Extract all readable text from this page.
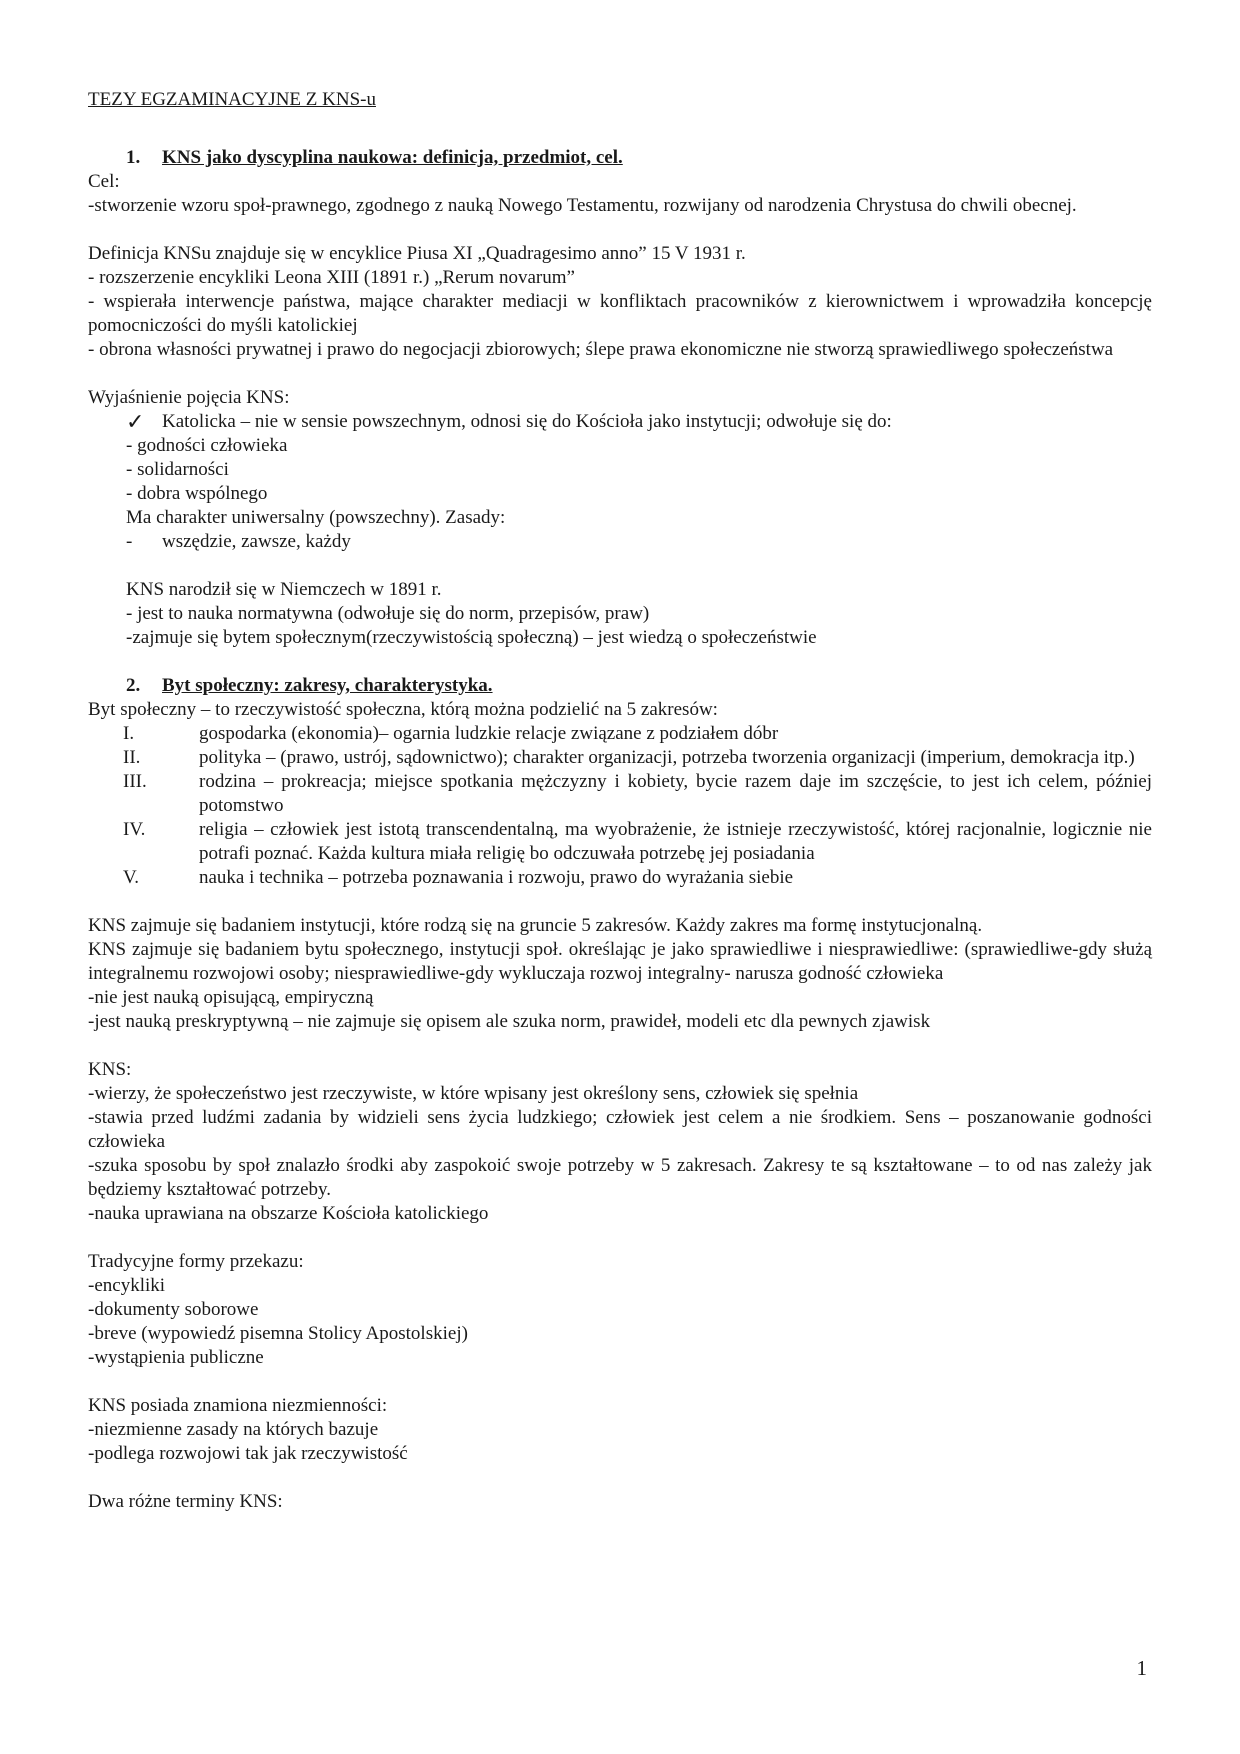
TEZY EGZAMINACYJNE Z KNS-u

1. KNS jako dyscyplina naukowa: definicja, przedmiot, cel.

Cel:

-stworzenie wzoru społ-prawnego, zgodnego z nauką Nowego Testamentu, rozwijany od narodzenia Chrystusa do chwili obecnej.

Definicja KNSu znajduje się w encyklice Piusa XI „Quadragesimo anno” 15 V 1931 r.

- rozszerzenie encykliki Leona XIII (1891 r.) „Rerum novarum”

- wspierała interwencje państwa, mające charakter mediacji w konfliktach pracowników z kierownictwem i wprowadziła koncepcję pomocniczości do myśli katolickiej

- obrona własności prywatnej i prawo do negocjacji zbiorowych; ślepe prawa ekonomiczne nie stworzą sprawiedliwego społeczeństwa

Wyjaśnienie pojęcia KNS:

✓ Katolicka – nie w sensie powszechnym, odnosi się do Kościoła jako instytucji; odwołuje się do:

- godności człowieka

- solidarności

- dobra wspólnego

Ma charakter uniwersalny (powszechny). Zasady:

-	wszędzie, zawsze, każdy

KNS narodził się w Niemczech w 1891 r.

- jest to nauka normatywna (odwołuje się do norm, przepisów, praw)

-zajmuje się bytem społecznym(rzeczywistością społeczną) – jest wiedzą o społeczeństwie

2. Byt społeczny: zakresy, charakterystyka.

Byt społeczny – to rzeczywistość społeczna, którą można podzielić na 5 zakresów:

I.	gospodarka (ekonomia)– ogarnia ludzkie relacje związane z podziałem dóbr
II.	polityka – (prawo, ustrój, sądownictwo); charakter organizacji, potrzeba tworzenia organizacji (imperium, demokracja itp.)
III.	rodzina – prokreacja; miejsce spotkania mężczyzny i kobiety, bycie razem daje im szczęście, to jest ich celem, później potomstwo
IV.	religia – człowiek jest istotą transcendentalną, ma wyobrażenie, że istnieje rzeczywistość, której racjonalnie, logicznie nie potrafi poznać. Każda kultura miała religię bo odczuwała potrzebę jej posiadania
V.	nauka i technika – potrzeba poznawania i rozwoju, prawo do wyrażania siebie

KNS zajmuje się badaniem instytucji, które rodzą się na gruncie 5 zakresów. Każdy zakres ma formę instytucjonalną.

KNS zajmuje się badaniem bytu społecznego, instytucji społ. określając je jako sprawiedliwe i niesprawiedliwe: (sprawiedliwe-gdy służą integralnemu rozwojowi osoby; niesprawiedliwe-gdy wykluczaja rozwoj integralny- narusza godność człowieka

-nie jest nauką opisującą, empiryczną

-jest nauką preskryptywną – nie zajmuje się opisem ale szuka norm, prawideł, modeli etc dla pewnych zjawisk

KNS:

-wierzy, że społeczeństwo jest rzeczywiste, w które wpisany jest określony sens, człowiek się spełnia

-stawia przed ludźmi zadania by widzieli sens życia ludzkiego; człowiek jest celem a nie środkiem. Sens – poszanowanie godności człowieka

-szuka sposobu by społ znalazło środki aby zaspokoić swoje potrzeby w 5 zakresach. Zakresy te są kształtowane – to od nas zależy jak będziemy kształtować potrzeby.

-nauka uprawiana na obszarze Kościoła katolickiego

Tradycyjne formy przekazu:

-encykliki

-dokumenty soborowe

-breve (wypowiedź pisemna Stolicy Apostolskiej)

-wystąpienia publiczne

KNS posiada znamiona niezmienności:

-niezmienne zasady na których bazuje

-podlega rozwojowi tak jak rzeczywistość

Dwa różne terminy KNS:

1
